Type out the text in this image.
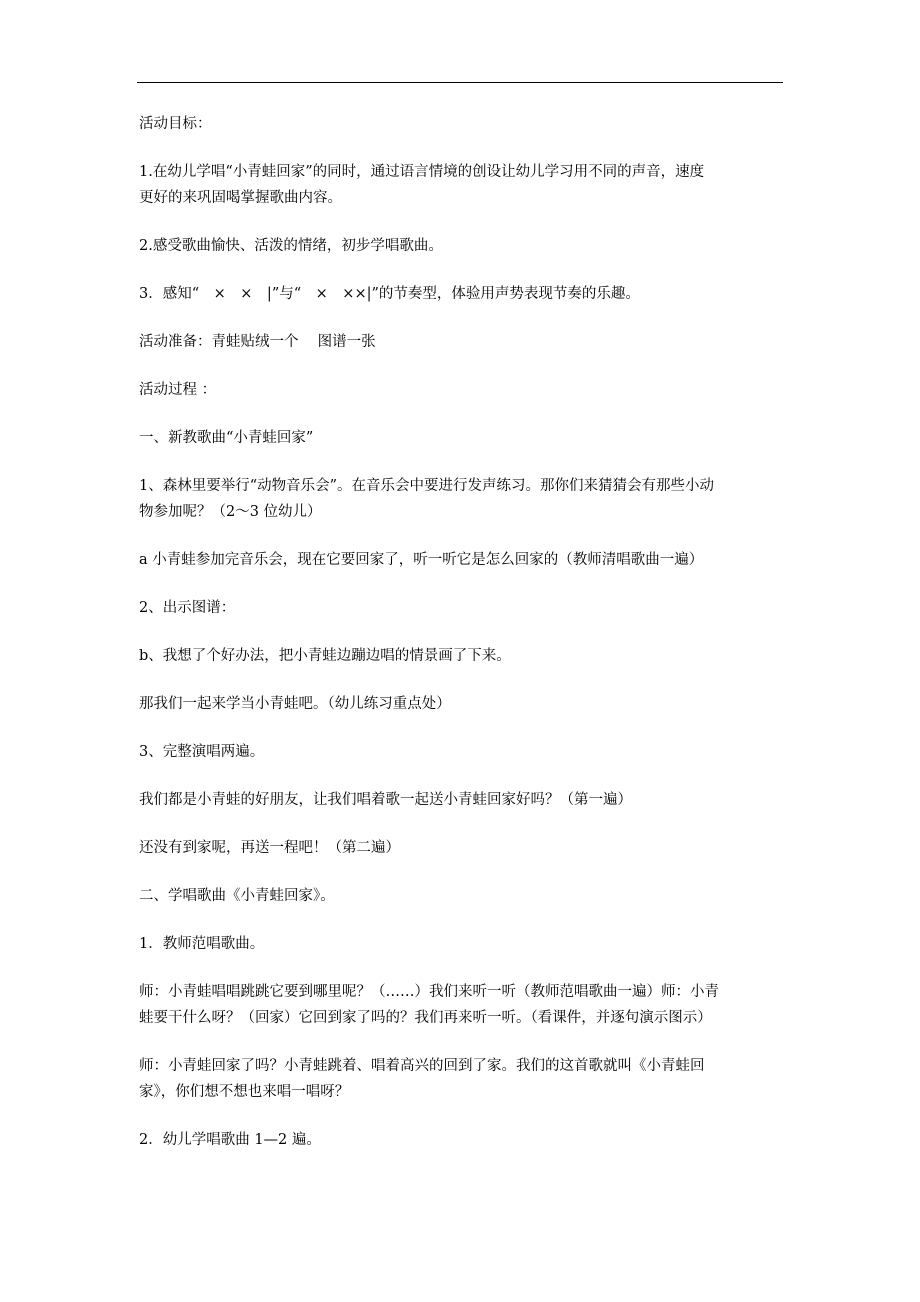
活动目标：
1.在幼儿学唱“小青蛙回家”的同时，通过语言情境的创设让幼儿学习用不同的声音，速度
更好的来巩固喝掌握歌曲内容。
2.感受歌曲愉快、活泼的情绪，初步学唱歌曲。
3．感知“　×　×　|”与“　×　××|”的节奏型，体验用声势表现节奏的乐趣。
活动准备：青蛙贴绒一个　 图谱一张
活动过程 ：
一、新教歌曲“小青蛙回家”
1、森林里要举行“动物音乐会”。在音乐会中要进行发声练习。那你们来猜猜会有那些小动
物参加呢？（2～3 位幼儿）
a 小青蛙参加完音乐会，现在它要回家了，听一听它是怎么回家的（教师清唱歌曲一遍）
2、出示图谱：
b、我想了个好办法，把小青蛙边蹦边唱的情景画了下来。
那我们一起来学当小青蛙吧。（幼儿练习重点处）
3、完整演唱两遍。
我们都是小青蛙的好朋友，让我们唱着歌一起送小青蛙回家好吗？（第一遍）
还没有到家呢，再送一程吧！（第二遍）
二、学唱歌曲《小青蛙回家》。
1．教师范唱歌曲。
师：小青蛙唱唱跳跳它要到哪里呢？（……）我们来听一听（教师范唱歌曲一遍）师：小青
蛙要干什么呀？（回家）它回到家了吗的？我们再来听一听。（看课件，并逐句演示图示）
师：小青蛙回家了吗？小青蛙跳着、唱着高兴的回到了家。我们的这首歌就叫《小青蛙回
家》，你们想不想也来唱一唱呀？
2．幼儿学唱歌曲 1—2 遍。
